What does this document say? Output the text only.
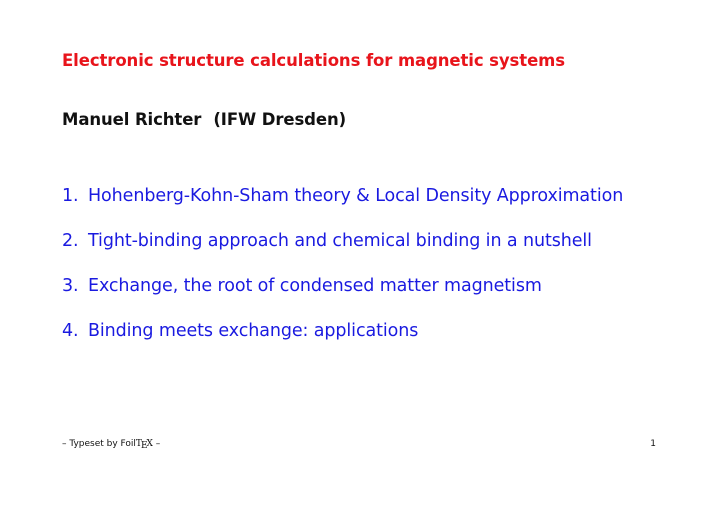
Electronic structure calculations for magnetic systems
Manuel Richter (IFW Dresden)
1. Hohenberg-Kohn-Sham theory & Local Density Approximation
2. Tight-binding approach and chemical binding in a nutshell
3. Exchange, the root of condensed matter magnetism
4. Binding meets exchange: applications
– Typeset by FoilTEX –	1
